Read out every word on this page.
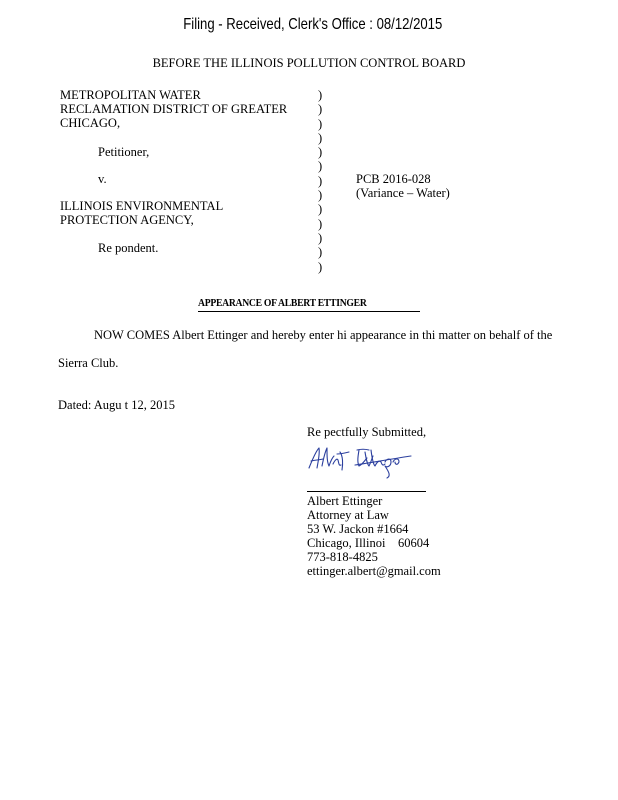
Filing - Received, Clerk's Office : 08/12/2015
BEFORE THE ILLINOIS POLLUTION CONTROL BOARD
METROPOLITAN WATER
RECLAMATION DISTRICT OF GREATER
CHICAGO,
Petitioner,
v.
ILLINOIS ENVIRONMENTAL
PROTECTION AGENCY,
Re pondent.
)
)
)
)
)
)
)
)
)
)
)
)
)
PCB 2016-028
(Variance – Water)
APPEARANCE OF ALBERT ETTINGER
NOW COMES Albert Ettinger and hereby enter hi appearance in thi matter on behalf of the
Sierra Club.
Dated: Augu t 12, 2015
Re pectfully Submitted,
Albert Ettinger
Attorney at Law
53 W. Jackon #1664
Chicago, Illinoi    60604
773-818-4825
ettinger.albert@gmail.com
